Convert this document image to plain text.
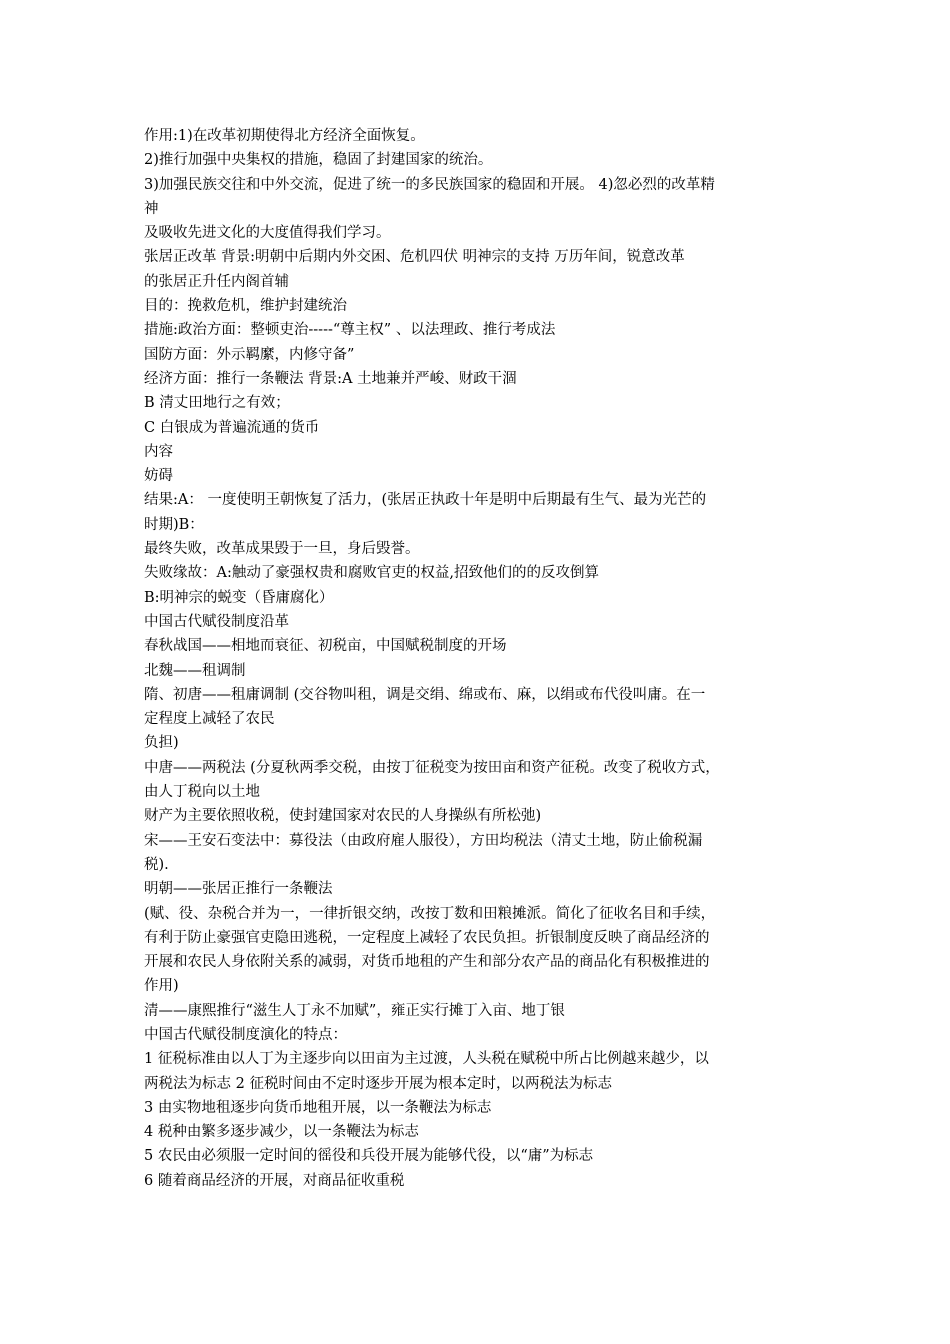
作用:1)在改革初期使得北方经济全面恢复。
2)推行加强中央集权的措施，稳固了封建国家的统治。
3)加强民族交往和中外交流，促进了统一的多民族国家的稳固和开展。 4)忽必烈的改革精
神
及吸收先进文化的大度值得我们学习。
张居正改革 背景:明朝中后期内外交困、危机四伏 明神宗的支持 万历年间，锐意改革
的张居正升任内阁首辅
目的：挽救危机，维护封建统治
措施:政治方面：整顿吏治-----“尊主权” 、以法理政、推行考成法
国防方面：外示羁縻，内修守备”
经济方面：推行一条鞭法 背景:A 土地兼并严峻、财政干涸
B 清丈田地行之有效；
C 白银成为普遍流通的货币
内容
妨碍
结果:A： 一度使明王朝恢复了活力，(张居正执政十年是明中后期最有生气、最为光芒的
时期)B：
最终失败，改革成果毁于一旦，身后毁誉。
失败缘故：A:触动了豪强权贵和腐败官吏的权益,招致他们的的反攻倒算
B:明神宗的蜕变（昏庸腐化）
中国古代赋役制度沿革
春秋战国——相地而衰征、初税亩，中国赋税制度的开场
北魏——租调制
隋、初唐——租庸调制 (交谷物叫租，调是交绢、绵或布、麻，以绢或布代役叫庸。在一
定程度上减轻了农民
负担)
中唐——两税法 (分夏秋两季交税，由按丁征税变为按田亩和资产征税。改变了税收方式，
由人丁税向以土地
财产为主要依照收税，使封建国家对农民的人身操纵有所松弛)
宋——王安石变法中：募役法（由政府雇人服役），方田均税法（清丈土地，防止偷税漏
税).
明朝——张居正推行一条鞭法
(赋、役、杂税合并为一，一律折银交纳，改按丁数和田粮摊派。简化了征收名目和手续，
有利于防止豪强官吏隐田逃税，一定程度上减轻了农民负担。折银制度反映了商品经济的
开展和农民人身依附关系的减弱，对货币地租的产生和部分农产品的商品化有积极推进的
作用)
清——康熙推行“滋生人丁永不加赋”，雍正实行摊丁入亩、地丁银
中国古代赋役制度演化的特点：
1 征税标准由以人丁为主逐步向以田亩为主过渡，人头税在赋税中所占比例越来越少，以
两税法为标志 2 征税时间由不定时逐步开展为根本定时，以两税法为标志
3 由实物地租逐步向货币地租开展，以一条鞭法为标志
4 税种由繁多逐步减少，以一条鞭法为标志
5 农民由必须服一定时间的徭役和兵役开展为能够代役，以“庸”为标志
6 随着商品经济的开展，对商品征收重税
